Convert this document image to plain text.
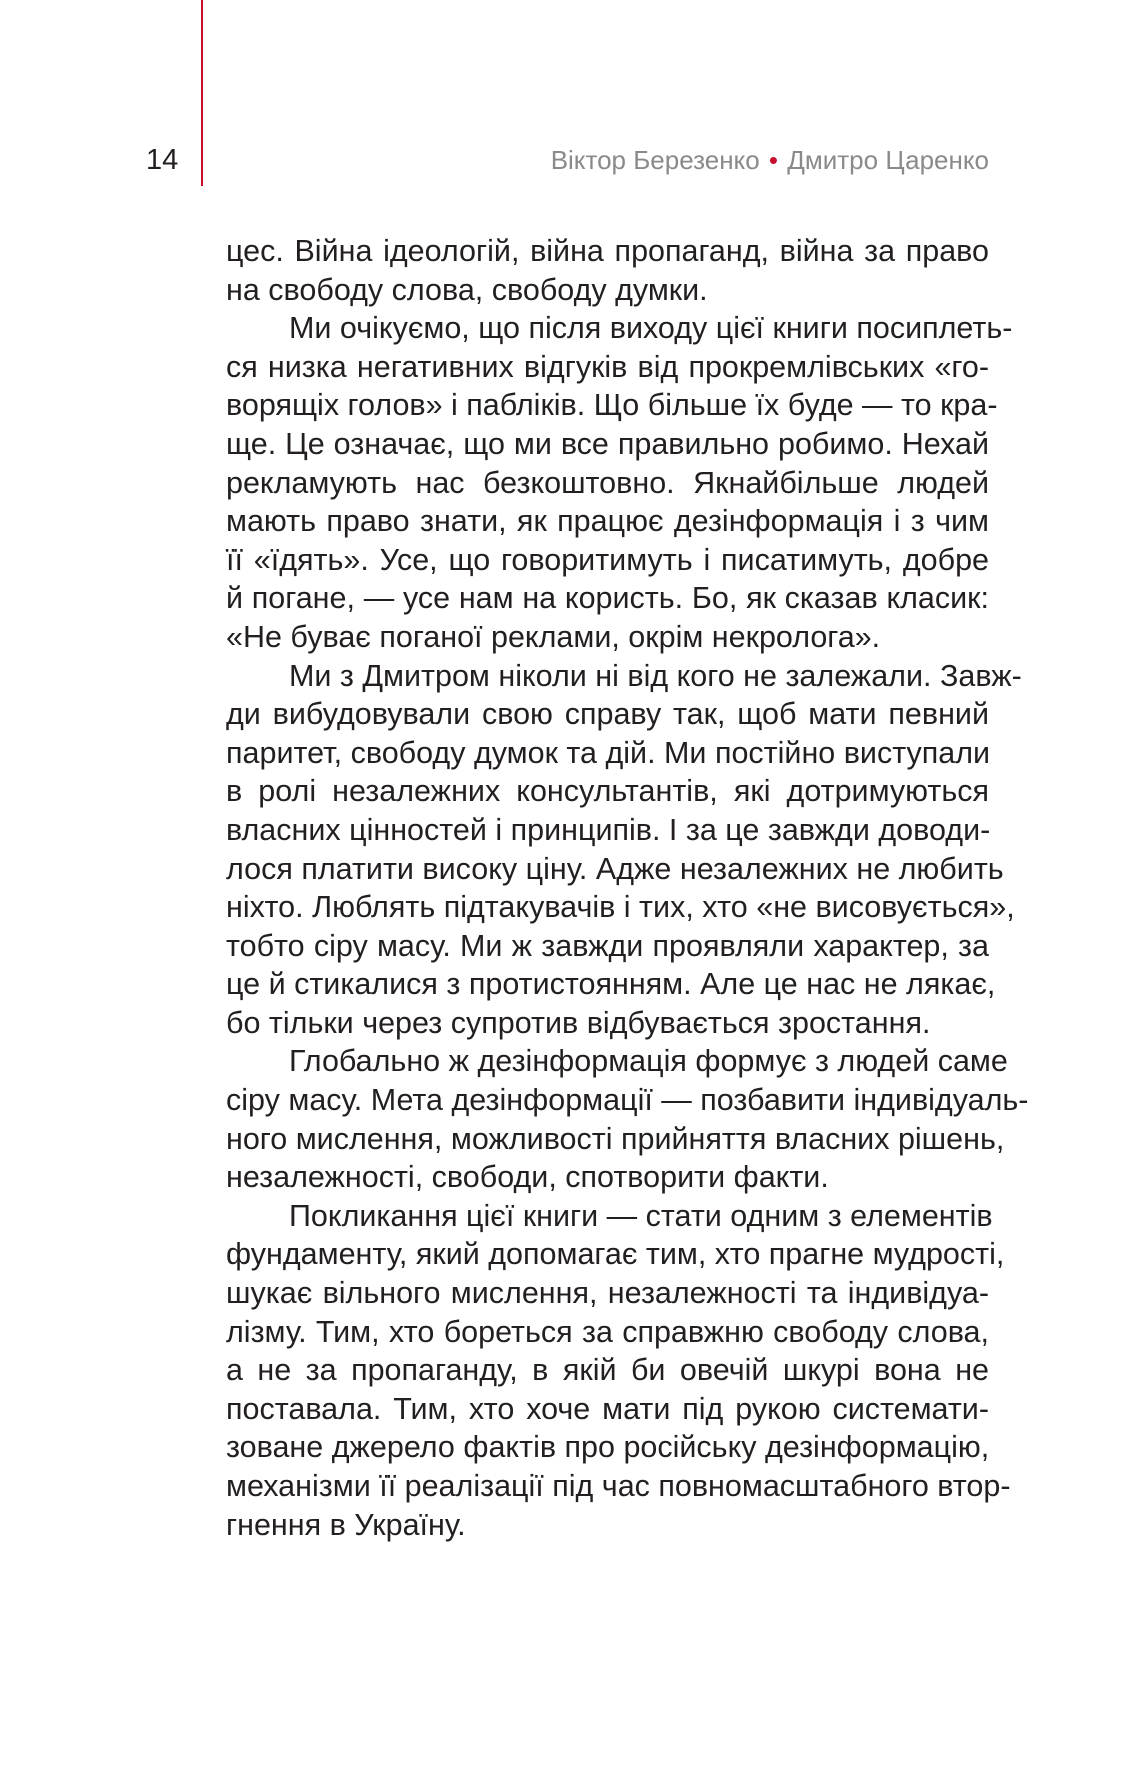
14	Віктор Березенко • Дмитро Царенко
цес. Війна ідеологій, війна пропаганд, війна за право
на свободу слова, свободу думки.
Ми очікуємо, що після виходу цієї книги посиплеть-
ся низка негативних відгуків від прокремлівських «го-
ворящіх голов» і пабліків. Що більше їх буде — то кра-
ще. Це означає, що ми все правильно робимо. Нехай
рекламують нас безкоштовно. Якнайбільше людей
мають право знати, як працює дезінформація і з чим
її «їдять». Усе, що говоритимуть і писатимуть, добре
й погане, — усе нам на користь. Бо, як сказав класик:
«Не буває поганої реклами, окрім некролога».
Ми з Дмитром ніколи ні від кого не залежали. Завж-
ди вибудовували свою справу так, щоб мати певний
паритет, свободу думок та дій. Ми постійно виступали
в ролі незалежних консультантів, які дотримуються
власних цінностей і принципів. І за це завжди доводи-
лося платити високу ціну. Адже незалежних не любить
ніхто. Люблять підтакувачів і тих, хто «не висовується»,
тобто сіру масу. Ми ж завжди проявляли характер, за
це й стикалися з протистоянням. Але це нас не лякає,
бо тільки через супротив відбувається зростання.
Глобально ж дезінформація формує з людей саме
сіру масу. Мета дезінформації — позбавити індивідуаль-
ного мислення, можливості прийняття власних рішень,
незалежності, свободи, спотворити факти.
Покликання цієї книги — стати одним з елементів
фундаменту, який допомагає тим, хто прагне мудрості,
шукає вільного мислення, незалежності та індивідуа-
лізму. Тим, хто бореться за справжню свободу слова,
а не за пропаганду, в якій би овечій шкурі вона не
поставала. Тим, хто хоче мати під рукою системати-
зоване джерело фактів про російську дезінформацію,
механізми її реалізації під час повномасштабного втор-
гнення в Україну.
